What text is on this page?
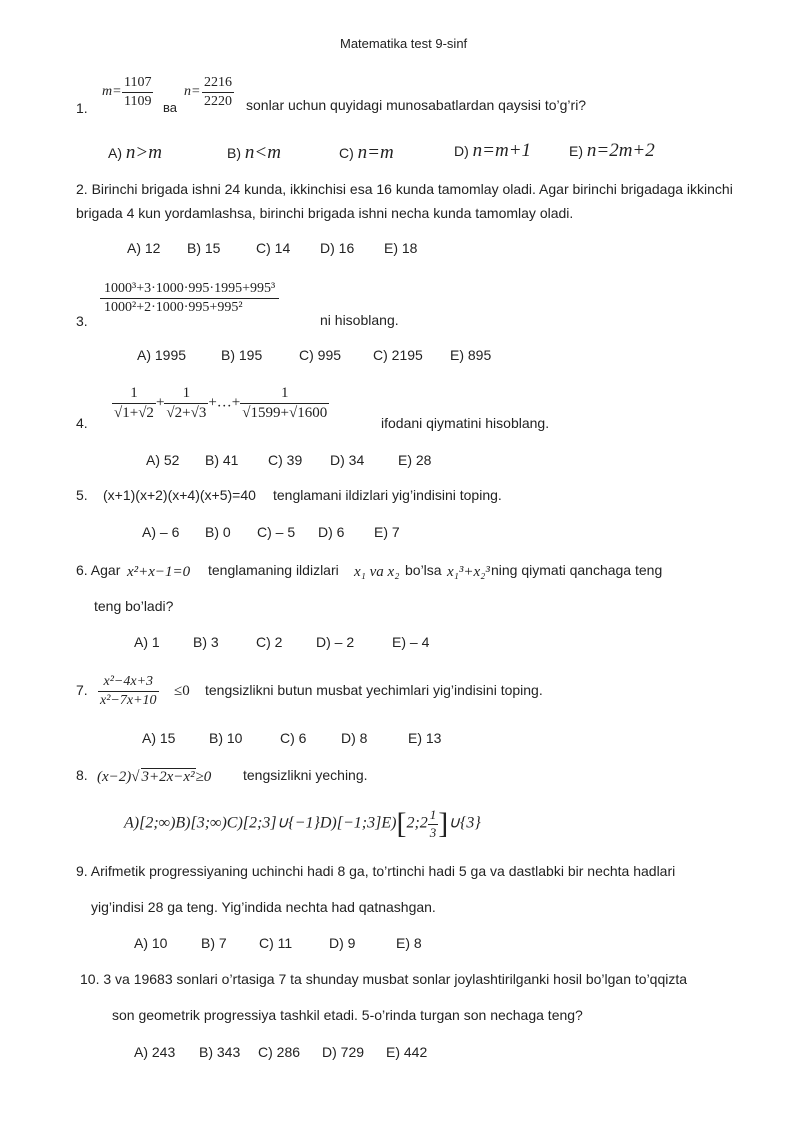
Matematika test 9-sinf
1.
$m= \frac{1107}{1109}$ ва
$n= \frac{2216}{2220}$ sonlar uchun quyidagi munosabatlardan qaysisi to’g’ri?
A) n>m	B) n<m	C) n=m	D) n=m+1	E) n=2m+2
2. Birinchi brigada ishni 24 kunda, ikkinchisi esa 16 kunda tamomlay oladi. Agar birinchi brigadaga ikkinchi brigada 4 kun yordamlashsa, birinchi brigada ishni necha kunda tamomlay oladi.
A) 12 B) 15	C) 14 D) 16 E) 18
3.
$\frac{\text{1000³+3·1000·995·1995+995³}}{\text{1000²+2·1000·995+995²}}$
ni hisoblang.
A) 1995 B) 195	C) 995 C) 2195 E) 895
4.
$\frac{1}{√1+√2} + \frac{1}{√2+√3}$ +…+ $\frac{1}{√1599+√1600}$
ifodani qiymatini hisoblang.
A) 52 B) 41 C) 39 D) 34 E) 28
5. (x+1)(x+2)(x+4)(x+5)=40 tenglamani ildizlari yig’indisini toping.
A) – 6 B) 0 C) – 5 D) 6 E) 7
6. Agar x²+x−1=0 tenglamaning ildizlari x₁ va x₂ bo’lsa x₁³+x₂³ ning qiymati qanchaga teng
teng bo’ladi?
A) 1 B) 3	C) 2 D) – 2	E) – 4
7. $\frac{\text{x²−4x+3}}{\text{x²−7x+10}} \le 0$ tengsizlikni butun musbat yechimlari yig’indisini toping.
A) 15 B) 10	C) 6 D) 8	E) 13
8. (x−2)√ 3+2x−x²≥0 tengsizlikni yeching.
A)[2;∞)B)[3;∞)C)[2;3]∪{−1}D)[−1;3]E)[2;2 $\frac{1}{3}$ ]∪{3}
9. Arifmetik progressiyaning uchinchi hadi 8 ga, to’rtinchi hadi 5 ga va dastlabki bir nechta hadlari
yig’indisi 28 ga teng. Yig’indida nechta had qatnashgan.
A) 10 B) 7 C) 11	D) 9	E) 8
10. 3 va 19683 sonlari o’rtasiga 7 ta shunday musbat sonlar joylashtirilganki hosil bo’lgan to’qqizta
son geometrik progressiya tashkil etadi. 5-o’rinda turgan son nechaga teng?
A) 243 B) 343 C) 286 D) 729 E) 442
